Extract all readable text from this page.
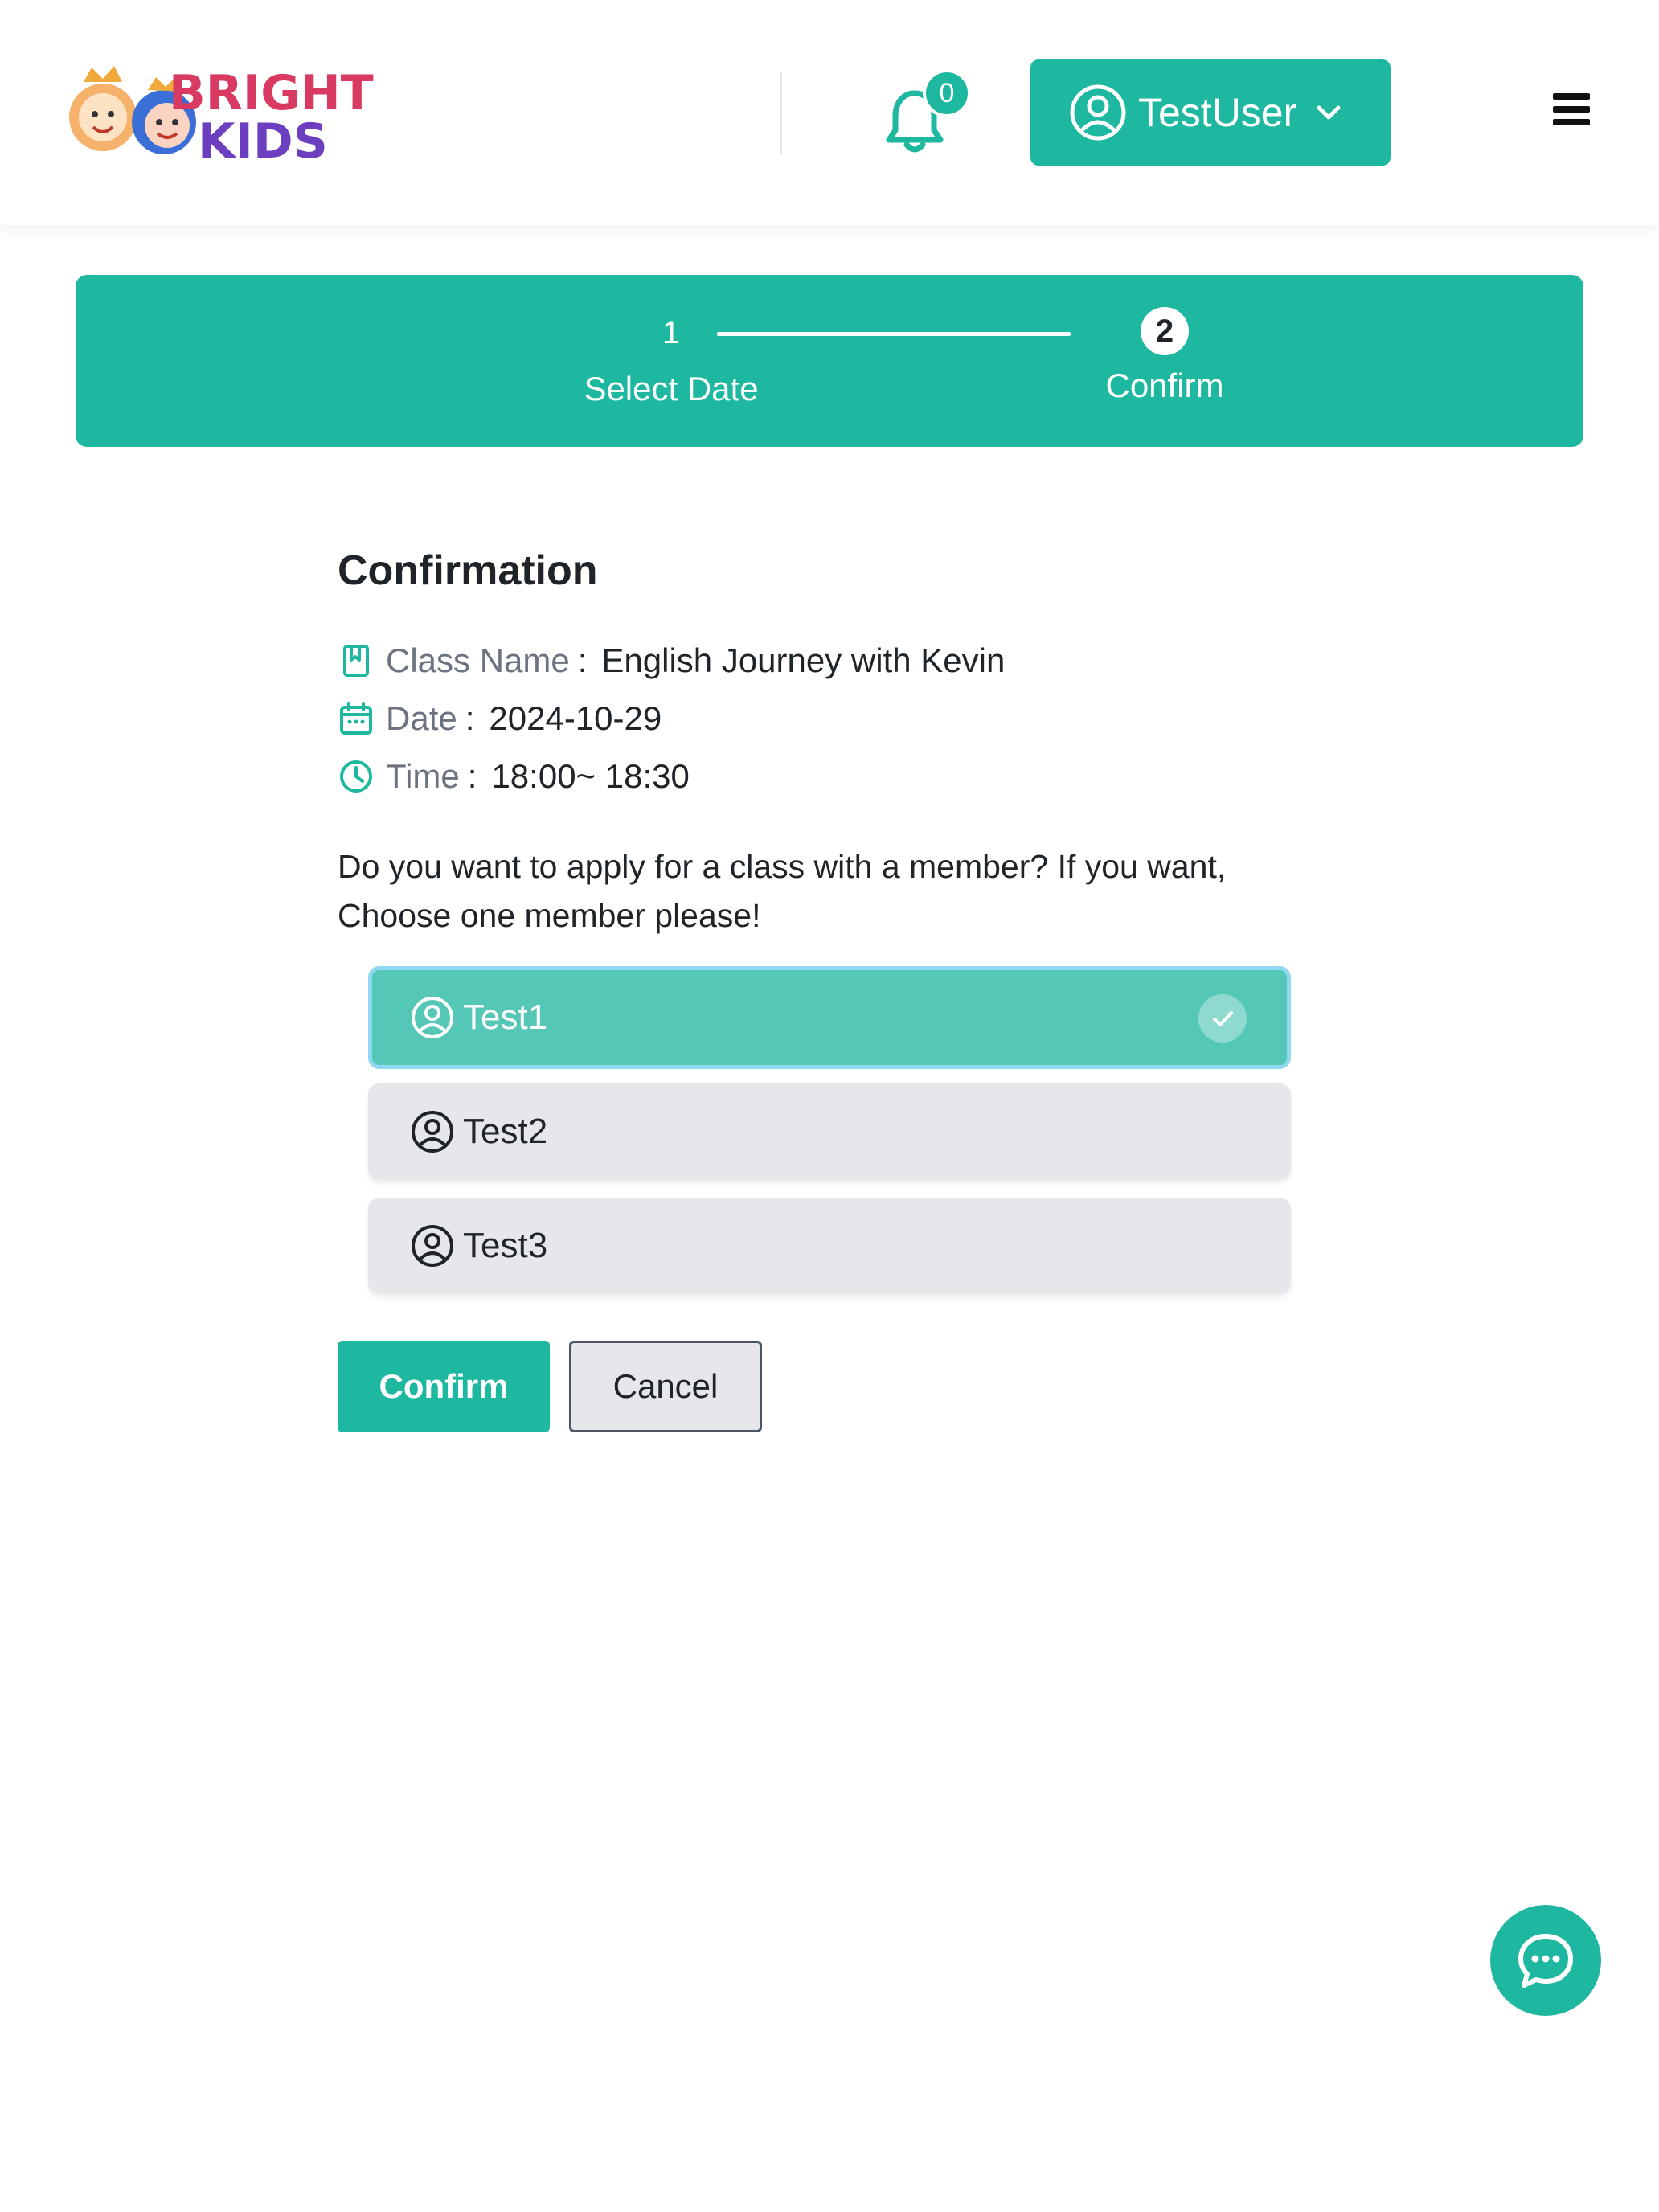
BRIGHT
KIDS
0	TestUser
1
Select Date
2
Confirm
Confirmation
Class Name : English Journey with Kevin
Date : 2024-10-29
Time : 18:00~ 18:30

Do you want to apply for a class with a member? If you want, Choose one member please!

Test1
Test2
Test3
Confirm	Cancel
